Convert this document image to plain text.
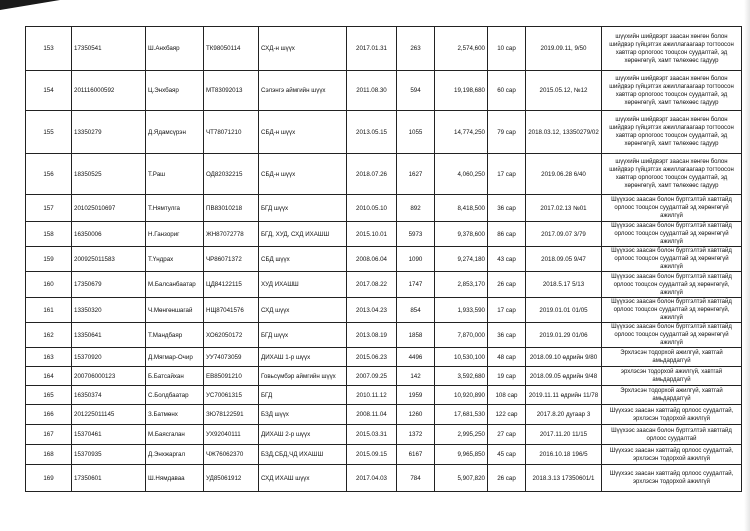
153	17350541	Ш.Анхбаяр	ТК98050114	СХД-н шүүх	2017.01.31	263	2,574,600	10 сар	2019.09.11, 9/50	шүүхийн шийдвэрт заасан хөнгөн болон шийдвэр гүйцэтгэх ажиллагаагаар тогтоосон хавтгар орлогоос тооцсон суудалтай, эд хөрөнгөгүй, хамт төлөхөөс гадуур
154	201116000592	Ц.Энхбаяр	МТ83092013	Сэлэнгэ аймгийн шүүх	2011.08.30	594	19,198,680	60 сар	2015.05.12, №12	шүүхийн шийдвэрт заасан хөнгөн болон шийдвэр гүйцэтгэх ажиллагаагаар тогтоосон хавтгар орлогоос тооцсон суудалтай, эд хөрөнгөгүй, хамт төлөхөөс гадуур
155	13350279	Д.Ядамсүрэн	ЧТ78071210	СБД-н шүүх	2013.05.15	1055	14,774,250	79 сар	2018.03.12, 13350279/02	шүүхийн шийдвэрт заасан хөнгөн болон шийдвэр гүйцэтгэх ажиллагаагаар тогтоосон хавтгар орлогоос тооцсон суудалтай, эд хөрөнгөгүй, хамт төлөхөөс гадуур
156	18350525	Т.Раш	ОД82032215	СБД-н шүүх	2018.07.26	1627	4,060,250	17 сар	2019.06.28 6/40	шүүхийн шийдвэрт заасан хөнгөн болон шийдвэр гүйцэтгэх ажиллагаагаар тогтоосон хавтгар орлогоос тооцсон суудалтай, эд хөрөнгөгүй, хамт төлөхөөс гадуур
157	201025010697	Т.Нямтулга	ПВ83010218	БГД шүүх	2010.05.10	892	8,418,500	36 сар	2017.02.13 №01	Шүүхээс заасан болон бүртгэлтэй хавтгайд орлоос тооцсон суудалтай эд хөрөнгөгүй ажилгүй
158	16350006	Н.Ганзориг	ЖН87072778	БГД, ХУД, СХД ИХАШШ	2015.10.01	5973	9,378,600	86 сар	2017.09.07 3/79	Шүүхээс заасан болон бүртгэлтэй хавтгайд орлоос тооцсон суудалтай эд хөрөнгөгүй ажилгүй
159	200925011583	Т.Үндрах	ЧР86071372	СБД шүүх	2008.06.04	1090	9,274,180	43 сар	2018.09.05 9/47	Шүүхээс заасан болон бүртгэлтэй хавтгайд орлоос тооцсон суудалтай эд хөрөнгөгүй ажилгүй
160	17350679	М.Балсанбаатар	ЦД84122115	ХУД ИХАШШ	2017.08.22	1747	2,853,170	26 сар	2018.5.17 5/13	Шүүхээс заасан болон бүртгэлтэй хавтгайд орлоос тооцсон суудалтай эд хөрөнгөгүй, ажилгүй
161	13350320	Ч.Мөнгөншагай	НЩ87041576	СХД шүүх	2013.04.23	854	1,933,590	17 сар	2019.01.01 01/05	Шүүхээс заасан болон бүртгэлтэй хавтгайд орлоос тооцсон суудалтай эд хөрөнгөгүй, ажилгүй
162	13350641	Т.Мандбаяр	ХО62050172	БГД шүүх	2013.08.19	1858	7,870,000	36 сар	2019.01.29 01/06	Шүүхээс заасан болон бүртгэлтэй хавтгайд орлоос тооцсон суудалтай эд хөрөнгөгүй ажилгүй
163	15370920	Д.Мягмар-Очир	УУ74073059	ДИХАШ 1-р шүүх	2015.06.23	4496	10,530,100	48 сар	2018.09.10 өдрийн 9/80	Эрхлэсэн тодорхой ажилгүй, хавтгай амьдардаггүй
164	200706000123	Б.Батсайхан	ЕВ85091210	Говьсүмбэр аймгийн шүүх	2007.09.25	142	3,592,680	19 сар	2018.09.05 өдрийн 9/48	эрхлэсэн тодорхой ажилгүй, хавтгай амьдардаггүй
165	16350374	С.Болдбаатар	УС70061315	БГД	2010.11.12	1959	10,920,890	108 сар	2019.11.11 өдрийн 11/78	Эрхлэсэн тодорхой ажилгүй, хавтгай амьдардаггүй
166	201225011145	З.Батмөнх	ЗЮ78122591	БЗД шүүх	2008.11.04	1260	17,681,530	122 сар	2017.8.20 дугаар 3	Шүүхээс заасан хавтгайд орлоос суудалтай, эрхлэсэн тодорхой ажилгүй
167	15370461	М.Баясгалан	УХ92040111	ДИХАШ 2-р шүүх	2015.03.31	1372	2,995,250	27 сар	2017.11.20 11/15	Шүүхээс заасан болон бүртгэлтэй хавтгайд орлоос суудалтай
168	15370935	Д.Энхжаргал	ЧЖ76062370	БЗД,СБД,ЧД ИХАШШ	2015.09.15	6167	9,965,850	45 сар	2016.10.18 196/5	Шүүхээс заасан хавтгайд орлоос суудалтай, эрхлэсэн тодорхой ажилгүй
169	17350601	Ш.Нямдаваа	УД85061912	СХД ИХАШ шүүх	2017.04.03	784	5,907,820	26 сар	2018.3.13 17350601/1	Шүүхээс заасан хавтгайд орлоос суудалтай, эрхлэсэн тодорхой ажилгүй
